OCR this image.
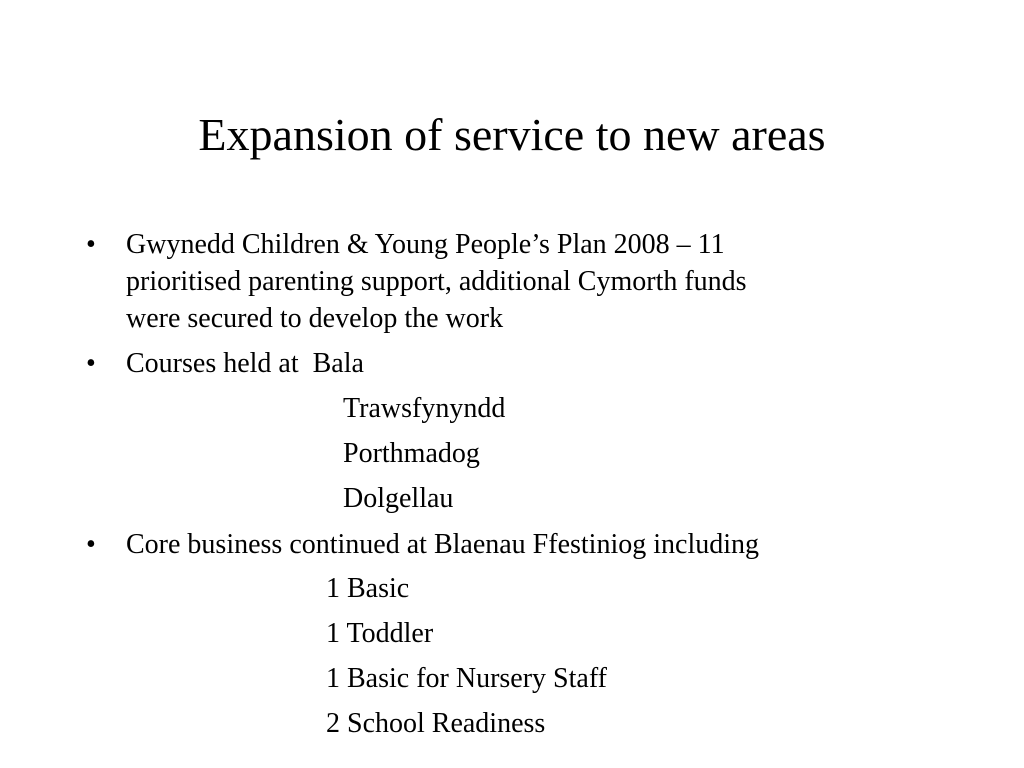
Expansion of service to new areas
• Gwynedd Children & Young People’s Plan 2008 – 11
prioritised parenting support, additional Cymorth funds
were secured to develop the work
• Courses held at  Bala
Trawsfynyndd
Porthmadog
Dolgellau
• Core business continued at Blaenau Ffestiniog including
1 Basic
1 Toddler
1 Basic for Nursery Staff
2 School Readiness
